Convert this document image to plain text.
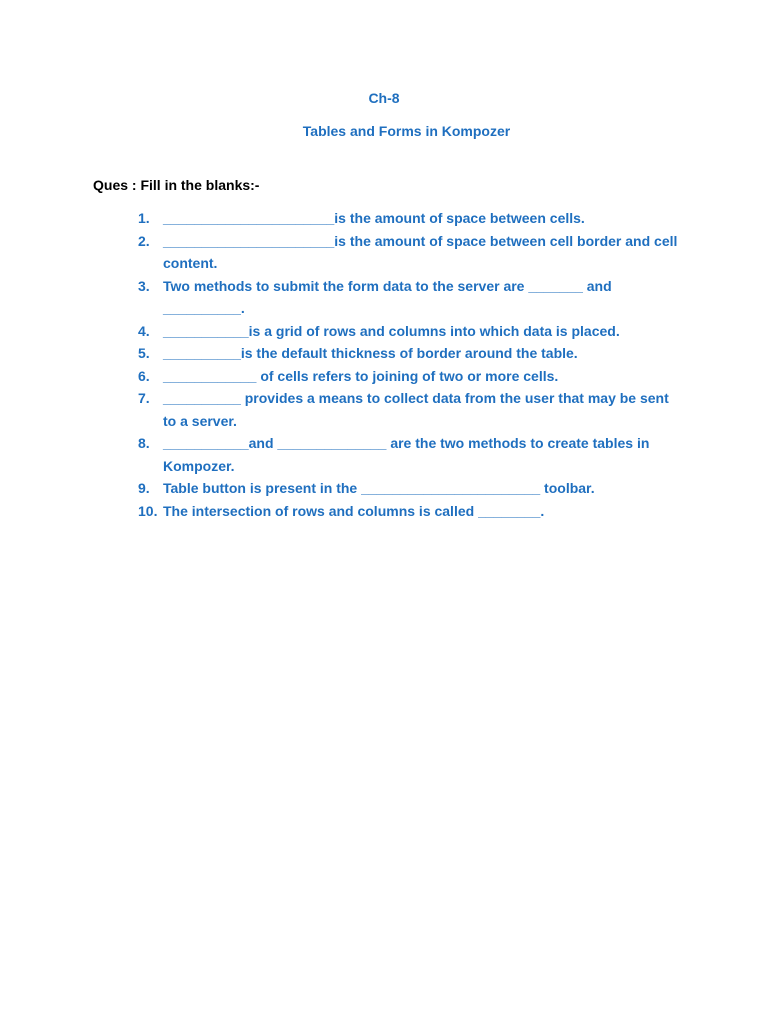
Ch-8
Tables and Forms in Kompozer
Ques : Fill in the blanks:-
1. ______________________is the amount of space between cells.
2. ______________________is the amount of space between cell border and cell content.
3. Two methods to submit the form data to the server are _______ and __________.
4. ___________is a grid of rows and columns into which data is placed.
5. __________is the default thickness of border around the table.
6. ____________ of cells refers to joining of two or more cells.
7. __________ provides a means to collect data from the user that may be sent to a server.
8. ___________and ______________ are the two methods to create tables in Kompozer.
9. Table button is present in the _______________________ toolbar.
10. The intersection of rows and columns is called ________.
